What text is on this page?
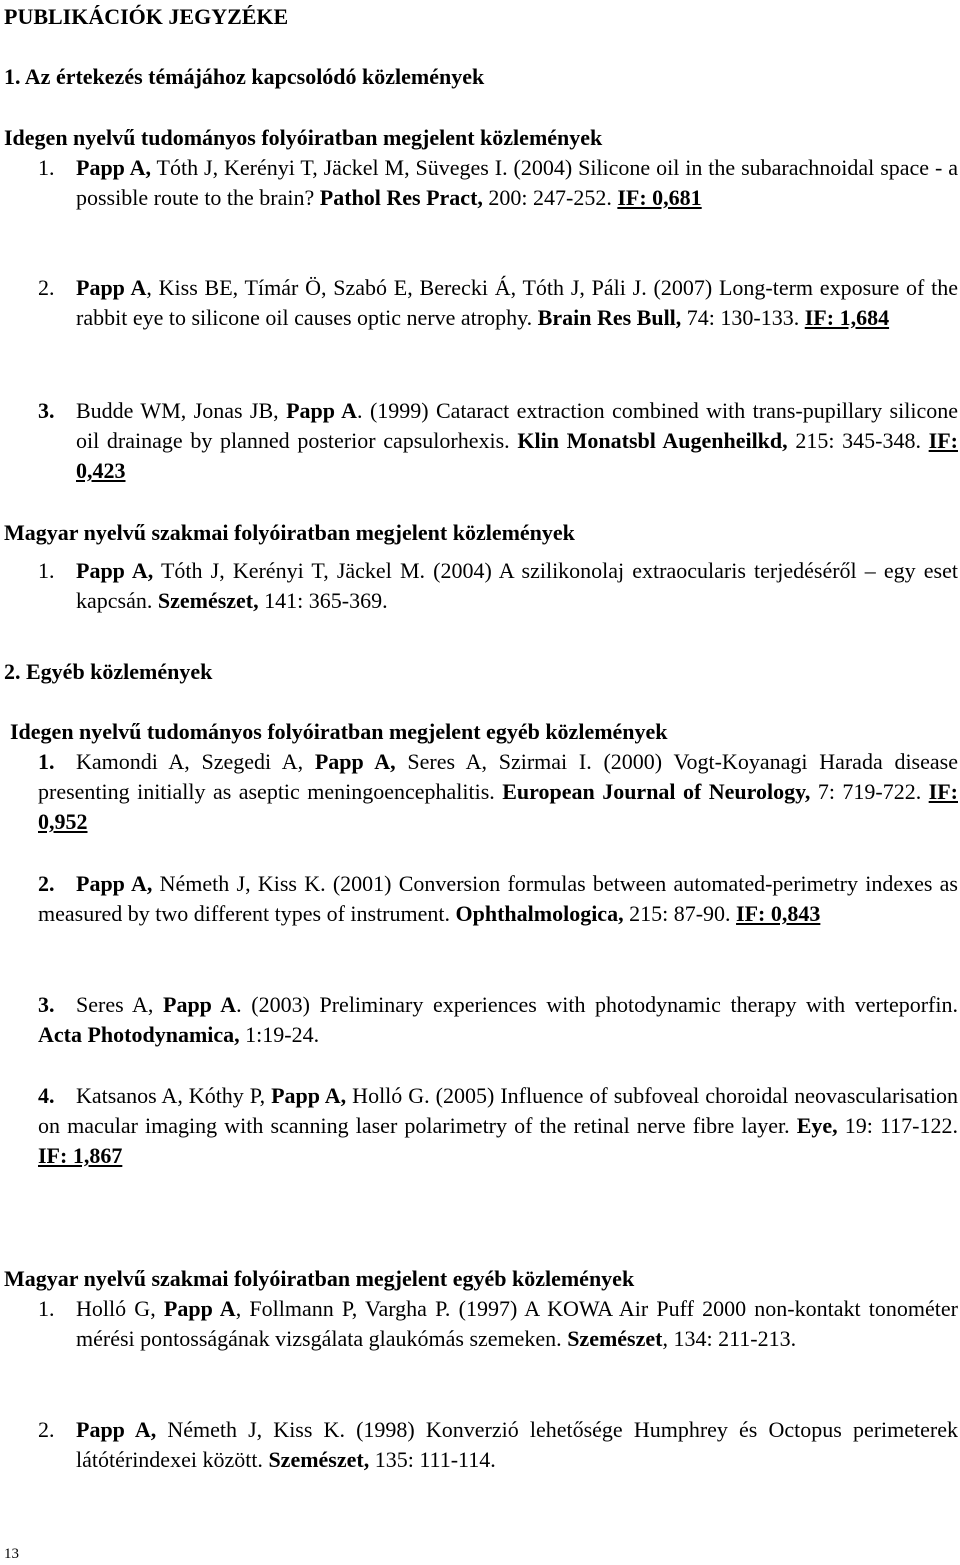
PUBLIKÁCIÓK JEGYZÉKE
1. Az értekezés témájához kapcsolódó közlemények
Idegen nyelvű tudományos folyóiratban megjelent közlemények
1. Papp A, Tóth J, Kerényi T, Jäckel M, Süveges I. (2004) Silicone oil in the subarachnoidal space - a possible route to the brain? Pathol Res Pract, 200: 247-252. IF: 0,681
2. Papp A, Kiss BE, Tímár Ö, Szabó E, Berecki Á, Tóth J, Páli J. (2007) Long-term exposure of the rabbit eye to silicone oil causes optic nerve atrophy. Brain Res Bull, 74: 130-133. IF: 1,684
3. Budde WM, Jonas JB, Papp A. (1999) Cataract extraction combined with trans-pupillary silicone oil drainage by planned posterior capsulorhexis. Klin Monatsbl Augenheilkd, 215: 345-348. IF: 0,423
Magyar nyelvű szakmai folyóiratban megjelent közlemények
1. Papp A, Tóth J, Kerényi T, Jäckel M. (2004) A szilikonolaj extraocularis terjedéséről – egy eset kapcsán. Szemészet, 141: 365-369.
2. Egyéb közlemények
Idegen nyelvű tudományos folyóiratban megjelent egyéb közlemények
1. Kamondi A, Szegedi A, Papp A, Seres A, Szirmai I. (2000) Vogt-Koyanagi Harada disease presenting initially as aseptic meningoencephalitis. European Journal of Neurology, 7: 719-722. IF: 0,952
2. Papp A, Németh J, Kiss K. (2001) Conversion formulas between automated-perimetry indexes as measured by two different types of instrument. Ophthalmologica, 215: 87-90. IF: 0,843
3. Seres A, Papp A. (2003) Preliminary experiences with photodynamic therapy with verteporfin. Acta Photodynamica, 1:19-24.
4. Katsanos A, Kóthy P, Papp A, Holló G. (2005) Influence of subfoveal choroidal neovascularisation on macular imaging with scanning laser polarimetry of the retinal nerve fibre layer. Eye, 19: 117-122. IF: 1,867
Magyar nyelvű szakmai folyóiratban megjelent egyéb közlemények
1. Holló G, Papp A, Follmann P, Vargha P. (1997) A KOWA Air Puff 2000 non-kontakt tonométer mérési pontosságának vizsgálata glaukómás szemeken. Szemészet, 134: 211-213.
2. Papp A, Németh J, Kiss K. (1998) Konverzió lehetősége Humphrey és Octopus perimeterek látótérindexei között. Szemészet, 135: 111-114.
13
